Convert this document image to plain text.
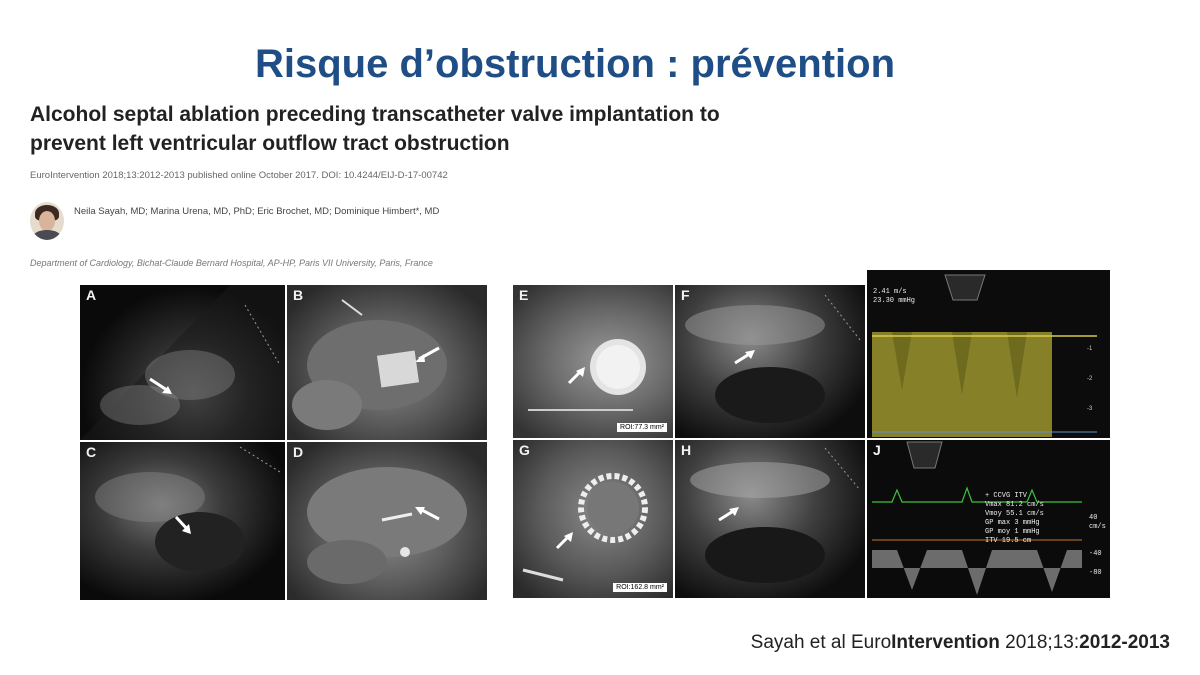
Risque d’obstruction : prévention
Alcohol septal ablation preceding transcatheter valve implantation to prevent left ventricular outflow tract obstruction
EuroIntervention 2018;13:2012-2013 published online October 2017. DOI: 10.4244/EIJ-D-17-00742
Neila Sayah, MD; Marina Urena, MD, PhD; Eric Brochet, MD; Dominique Himbert*, MD
Department of Cardiology, Bichat-Claude Bernard Hospital, AP-HP, Paris VII University, Paris, France
A	B
C	D
E
ROI:77.3 mm²
F
-1
-2
-3
2.41 m/s
23.30 mmHg
G
ROI:162.8 mm²
H	J
+ CCVG ITV
Vmax 81.2 cm/s
Vmoy 55.1 cm/s
GP max 3 mmHg
GP moy 1 mmHg
ITV 19.5 cm
40
cm/s
-40
-80
Sayah et al EuroIntervention 2018;13:2012-2013
